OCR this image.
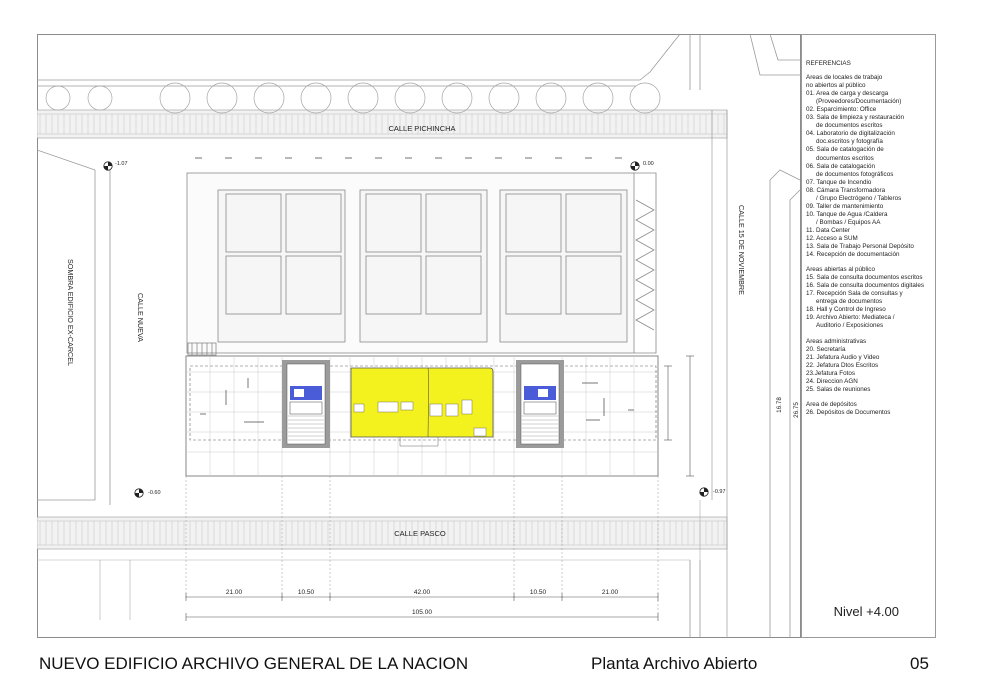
CALLE PICHINCHA
CALLE PASCO
CALLE 15 DE NOVIEMBRE
CALLE NUEVA
SOMBRA EDIFICIO EX-CARCEL
-1.07	0.00
-0.60	-0.97
21.00	10.50	42.00	10.50	21.00
105.00
16.78 26.75
REFERENCIAS
Areas de locales de trabajo
no abiertos al público
01. Area de carga y descarga
(Proveedores/Documentación)
02. Esparcimiento: Office
03. Sala de limpieza y restauración
de documentos escritos
04. Laboratorio de digitalización
doc.escritos y fotografía
05. Sala de catalogación de
documentos escritos
06. Sala de catalogación
de documentos fotográficos
07. Tanque de Incendio
08. Cámara Transformadora
/ Grupo Electrógeno / Tableros
09. Taller de mantenimiento
10. Tanque de Agua /Caldera
/ Bombas / Equipos AA
11. Data Center
12. Acceso a SUM
13. Sala de Trabajo Personal Depósito
14. Recepción de documentación
Areas abiertas al público
15. Sala de consulta documentos escritos
16. Sala de consulta documentos digitales
17. Recepción Sala de consultas y
entrega de documentos
18. Hall y Control de Ingreso
19. Archivo Abierto: Mediateca /
Auditorio / Exposiciones
Areas administrativas
20. Secretaría
21. Jefatura Audio y Video
22. Jefatura Dtos Escritos
23.Jefatura Fotos
24. Direccion AGN
25. Salas de reuniones
Area de depósitos
26. Depósitos de Documentos
Nivel +4.00
NUEVO EDIFICIO ARCHIVO GENERAL DE LA NACION	Planta Archivo Abierto	05
